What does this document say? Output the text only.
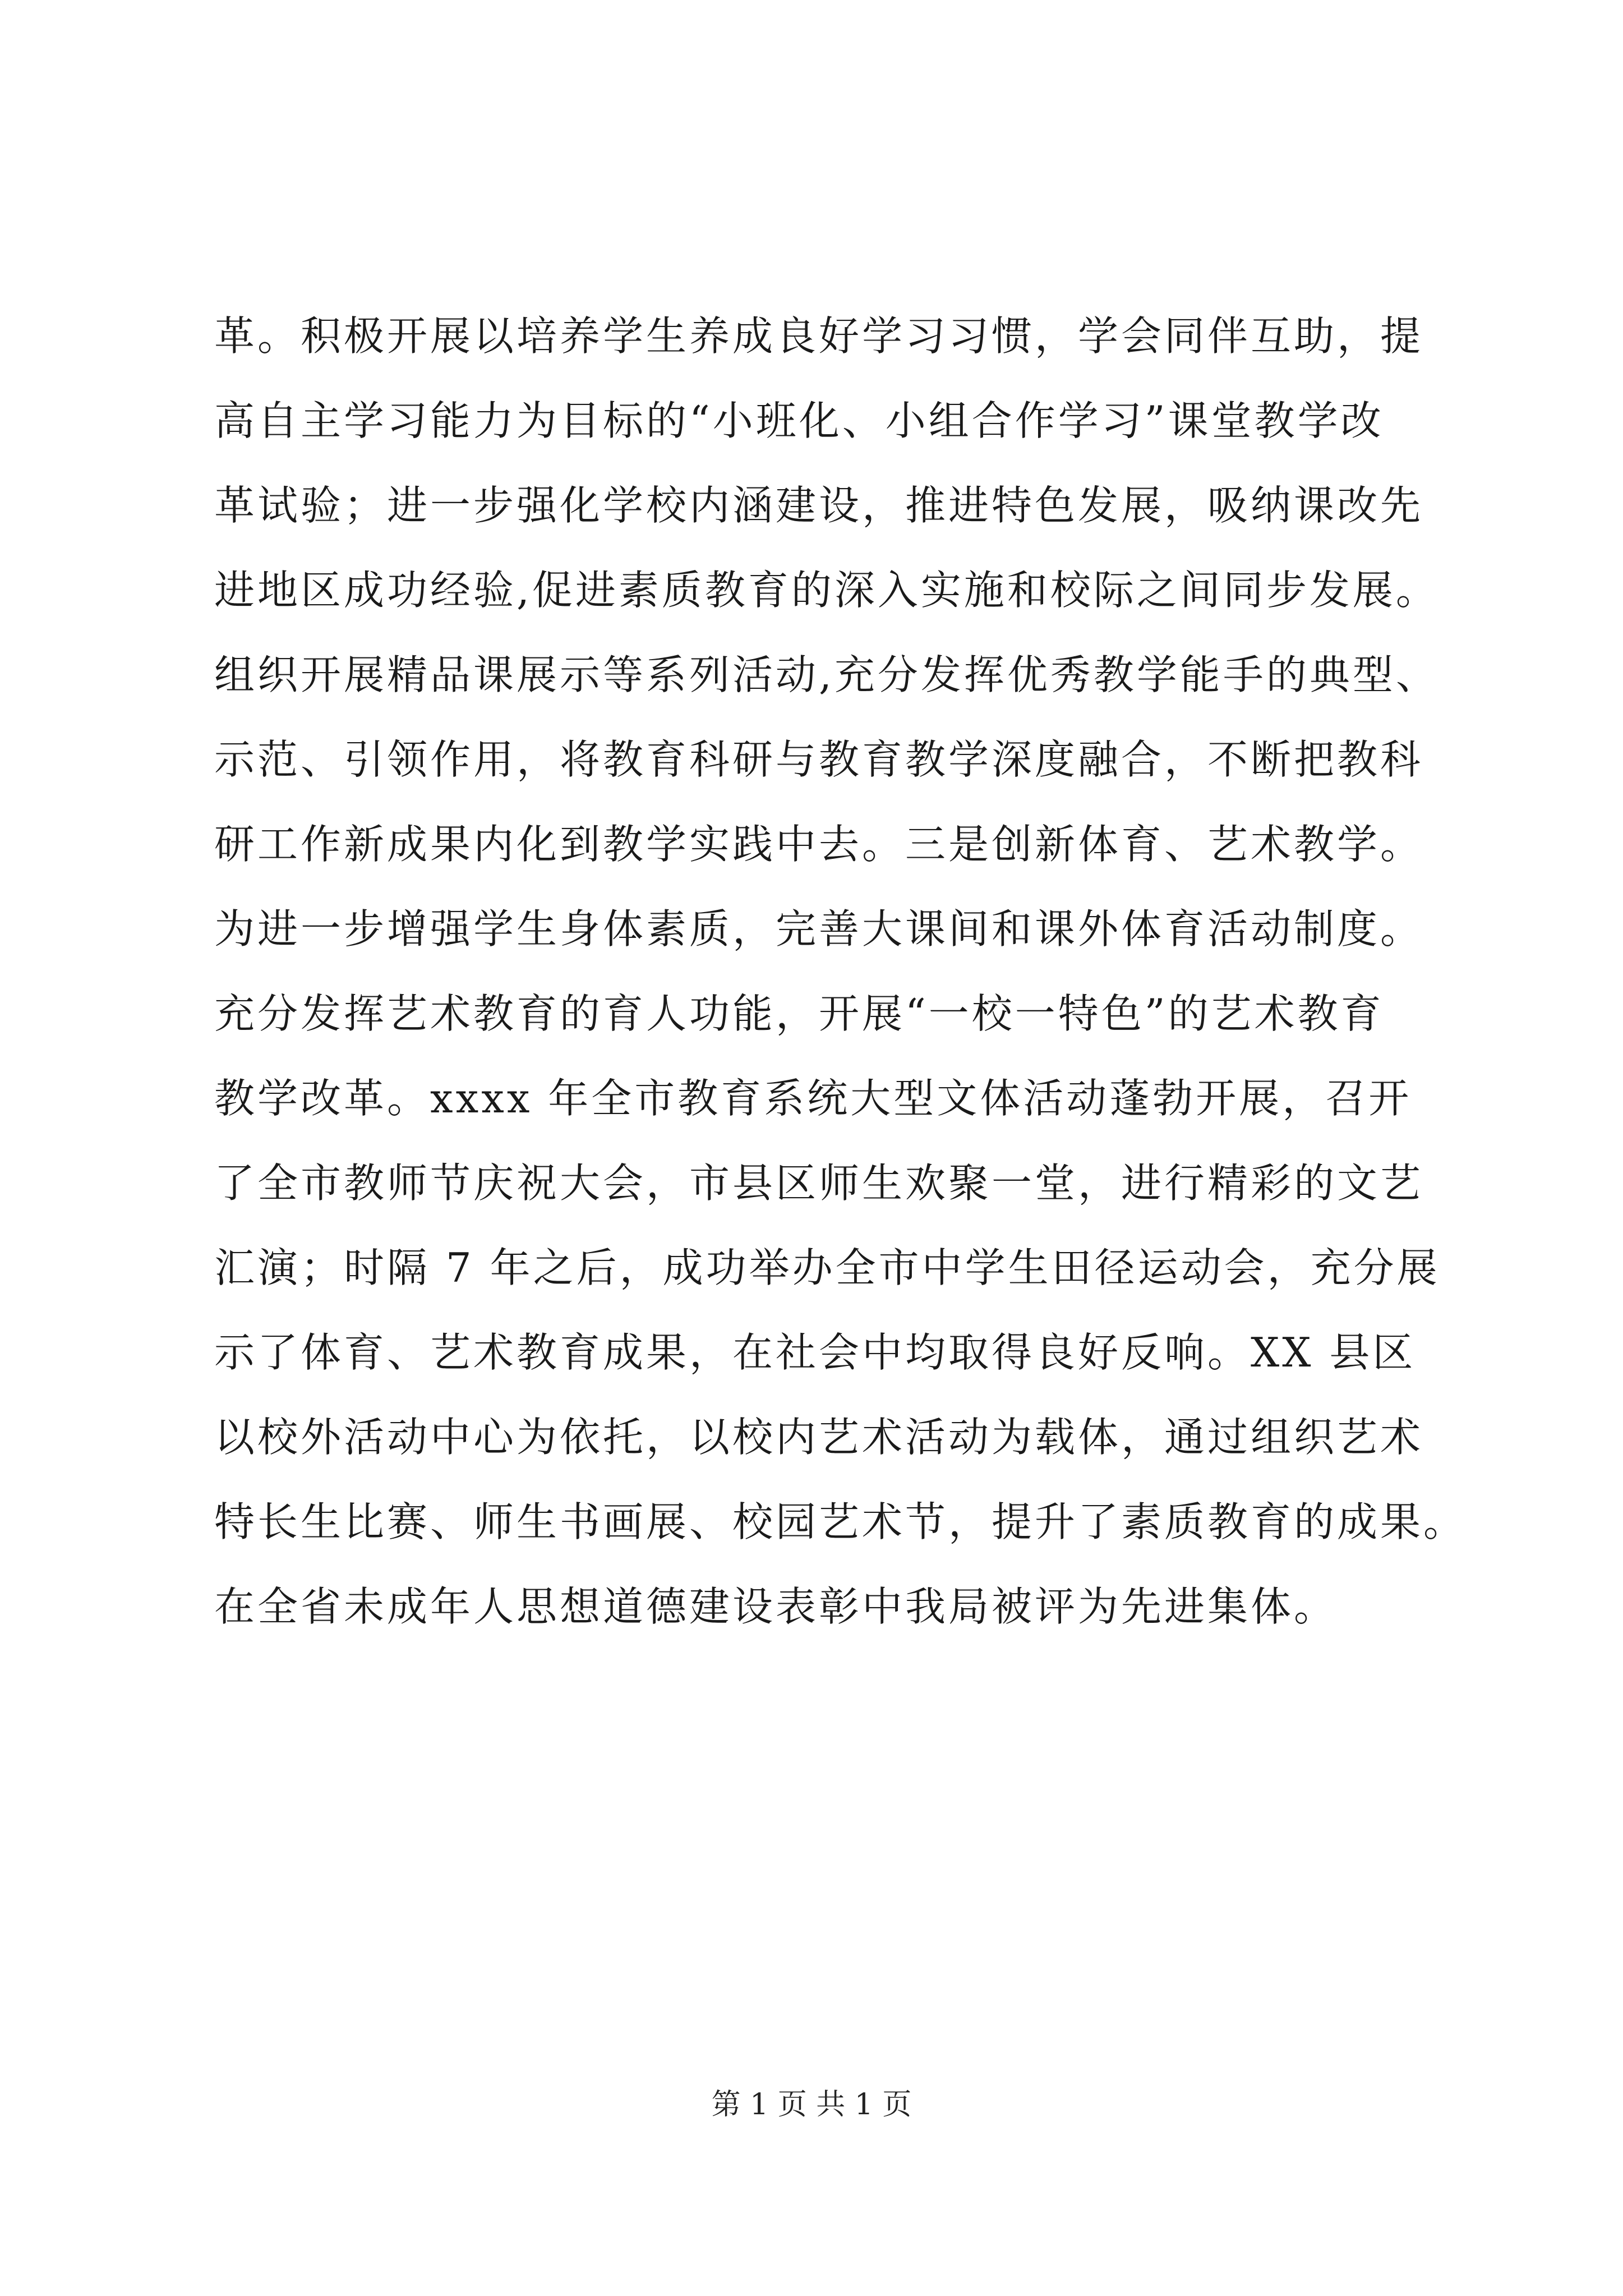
革。积极开展以培养学生养成良好学习习惯，学会同伴互助，提
高自主学习能力为目标的“小班化、小组合作学习”课堂教学改
革试验；进一步强化学校内涵建设，推进特色发展，吸纳课改先
进地区成功经验,促进素质教育的深入实施和校际之间同步发展。
组织开展精品课展示等系列活动,充分发挥优秀教学能手的典型、
示范、引领作用，将教育科研与教育教学深度融合，不断把教科
研工作新成果内化到教学实践中去。三是创新体育、艺术教学。
为进一步增强学生身体素质，完善大课间和课外体育活动制度。
充分发挥艺术教育的育人功能，开展“一校一特色”的艺术教育
教学改革。xxxx 年全市教育系统大型文体活动蓬勃开展，召开
了全市教师节庆祝大会，市县区师生欢聚一堂，进行精彩的文艺
汇演；时隔 7 年之后，成功举办全市中学生田径运动会，充分展
示了体育、艺术教育成果，在社会中均取得良好反响。XX 县区
以校外活动中心为依托，以校内艺术活动为载体，通过组织艺术
特长生比赛、师生书画展、校园艺术节，提升了素质教育的成果。
在全省未成年人思想道德建设表彰中我局被评为先进集体。
第 1 页 共 1 页
